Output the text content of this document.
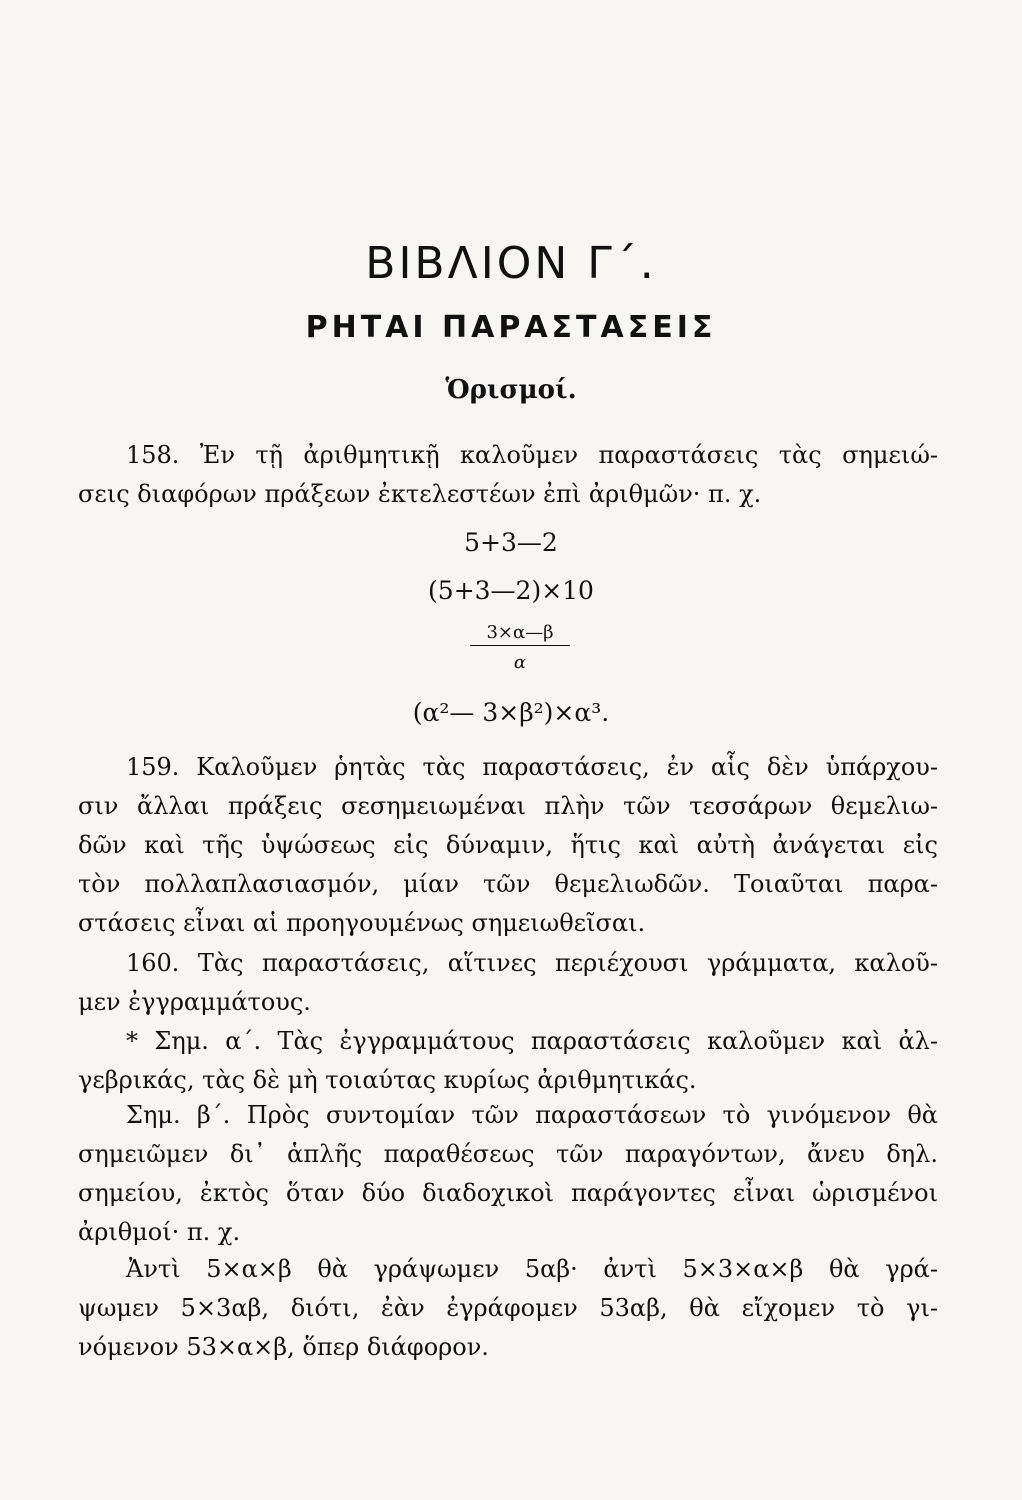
ΒΙΒΛΙΟΝ Γ΄.
ΡΗΤΑΙ ΠΑΡΑΣΤΑΣΕΙΣ
Ὁρισμοί.
158. Ἐν τῇ ἀριθμητικῇ καλοῦμεν παραστάσεις τὰς σημειώ-
σεις διαφόρων πράξεων ἐκτελεστέων ἐπὶ ἀριθμῶν· π. χ.
5+3—2
(5+3—2)×10
$\frac{3\times\alpha—\beta}{\alpha}$
(α²— 3×β²)×α³.
159. Καλοῦμεν ῥητὰς τὰς παραστάσεις, ἐν αἷς δὲν ὑπάρχου-
σιν ἄλλαι πράξεις σεσημειωμέναι πλὴν τῶν τεσσάρων θεμελιω-
δῶν καὶ τῆς ὑψώσεως εἰς δύναμιν, ἥτις καὶ αὐτὴ ἀνάγεται εἰς
τὸν πολλαπλασιασμόν, μίαν τῶν θεμελιωδῶν. Τοιαῦται παρα-
στάσεις εἶναι αἱ προηγουμένως σημειωθεῖσαι.
160. Τὰς παραστάσεις, αἵτινες περιέχουσι γράμματα, καλοῦ-
μεν ἐγγραμμάτους.
* Σημ. α΄. Τὰς ἐγγραμμάτους παραστάσεις καλοῦμεν καὶ ἀλ-
γεβρικάς, τὰς δὲ μὴ τοιαύτας κυρίως ἀριθμητικάς.
Σημ. β΄. Πρὸς συντομίαν τῶν παραστάσεων τὸ γινόμενον θὰ
σημειῶμεν δι᾽ ἁπλῆς παραθέσεως τῶν παραγόντων, ἄνευ δηλ.
σημείου, ἐκτὸς ὅταν δύο διαδοχικοὶ παράγοντες εἶναι ὡρισμένοι
ἀριθμοί· π. χ.
Ἀντὶ 5×α×β θὰ γράψωμεν 5αβ· ἀντὶ 5×3×α×β θὰ γρά-
ψωμεν 5×3αβ, διότι, ἐὰν ἐγράφομεν 53αβ, θὰ εἴχομεν τὸ γι-
νόμενον 53×α×β, ὅπερ διάφορον.
